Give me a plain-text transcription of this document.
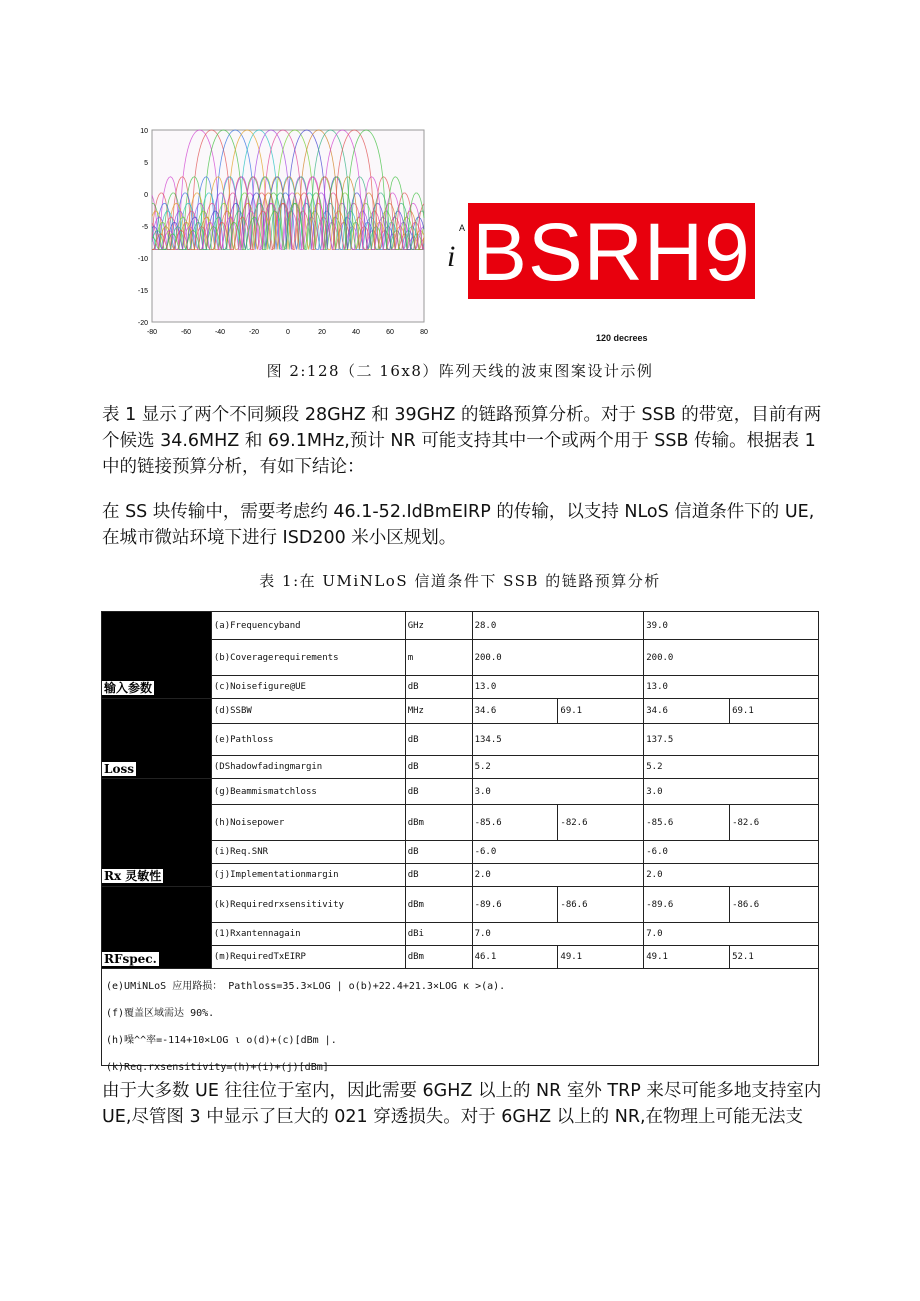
10
5
0
-5
-10
-15
-20
-80	-60	-40	-20	0	20	40	60	80
A
i BSRH9
120 decrees
图 2:128（二 16x8）阵列天线的波束图案设计示例
表 1 显示了两个不同频段 28GHZ 和 39GHZ 的链路预算分析。对于 SSB 的带宽，目前有两个候选 34.6MHZ 和 69.1MHz,预计 NR 可能支持其中一个或两个用于 SSB 传输。根据表 1 中的链接预算分析，有如下结论：
在 SS 块传输中，需要考虑约 46.1-52.IdBmEIRP 的传输，以支持 NLoS 信道条件下的 UE,在城市微站环境下进行 ISD200 米小区规划。
表 1:在 UMiNLoS 信道条件下 SSB 的链路预算分析
输入参数	(a)Frequencyband	GHz	28.0		39.0	
	(b)Coveragerequirements	m	200.0		200.0	
	(c)Noisefigure@UE	dB	13.0		13.0	
Loss	(d)SSBW	MHz	34.6	69.1	34.6	69.1
	(e)Pathloss	dB	134.5		137.5	
	(DShadowfadingmargin	dB	5.2		5.2	
Rx 灵敏性	(g)Beammismatchloss	dB	3.0		3.0	
	(h)Noisepower	dBm	-85.6	-82.6	-85.6	-82.6
	(i)Req.SNR	dB	-6.0		-6.0	
	(j)Implementationmargin	dB	2.0		2.0	
RFspec.	(k)Requiredrxsensitivity	dBm	-89.6	-86.6	-89.6	-86.6
	(1)Rxantennagain	dBi	7.0		7.0	
	(m)RequiredTxEIRP	dBm	46.1	49.1	49.1	52.1

(e)UMiNLoS 应用路损： Pathloss=35.3×LOG | o(b)+22.4+21.3×LOG κ >(a).
(f)覆盖区域需达 90%.
(h)噪^^率=-114+10×LOG ι o(d)+(c)[dBm |.
(k)Req.rxsensitivity=(h)+(i)+(j)[dBm]						
由于大多数 UE 往往位于室内，因此需要 6GHZ 以上的 NR 室外 TRP 来尽可能多地支持室内 UE,尽管图 3 中显示了巨大的 021 穿透损失。对于 6GHZ 以上的 NR,在物理上可能无法支
